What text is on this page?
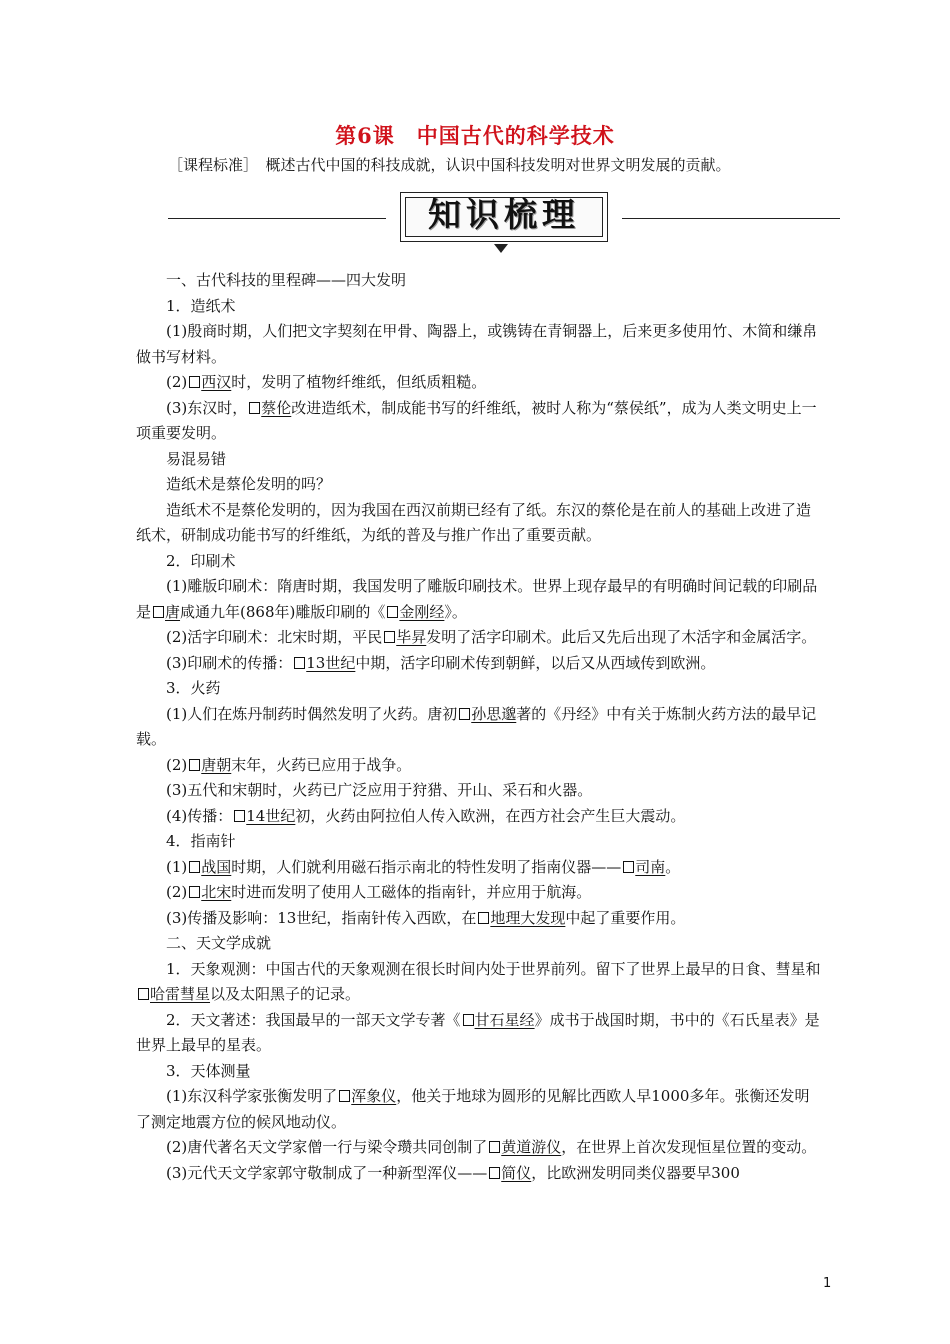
第6课　中国古代的科学技术
［课程标准］　概述古代中国的科技成就，认识中国科技发明对世界文明发展的贡献。
知识梳理

一、古代科技的里程碑——四大发明

1．造纸术

(1)殷商时期，人们把文字契刻在甲骨、陶器上，或镌铸在青铜器上，后来更多使用竹、木简和缣帛做书写材料。

(2) 西汉时，发明了植物纤维纸，但纸质粗糙。

(3)东汉时， 蔡伦改进造纸术，制成能书写的纤维纸，被时人称为“蔡侯纸”，成为人类文明史上一项重要发明。

易混易错

造纸术是蔡伦发明的吗？

造纸术不是蔡伦发明的，因为我国在西汉前期已经有了纸。东汉的蔡伦是在前人的基础上改进了造纸术，研制成功能书写的纤维纸，为纸的普及与推广作出了重要贡献。

2．印刷术

(1)雕版印刷术：隋唐时期，我国发明了雕版印刷技术。世界上现存最早的有明确时间记载的印刷品是 唐咸通九年(868年)雕版印刷的《 金刚经》。

(2)活字印刷术：北宋时期，平民 毕昇发明了活字印刷术。此后又先后出现了木活字和金属活字。

(3)印刷术的传播： 13世纪中期，活字印刷术传到朝鲜，以后又从西域传到欧洲。

3．火药

(1)人们在炼丹制药时偶然发明了火药。唐初 孙思邈著的《丹经》中有关于炼制火药方法的最早记载。

(2) 唐朝末年，火药已应用于战争。

(3)五代和宋朝时，火药已广泛应用于狩猎、开山、采石和火器。

(4)传播： 14世纪初，火药由阿拉伯人传入欧洲，在西方社会产生巨大震动。

4．指南针

(1) 战国时期，人们就利用磁石指示南北的特性发明了指南仪器—— 司南。

(2) 北宋时进而发明了使用人工磁体的指南针，并应用于航海。

(3)传播及影响：13世纪，指南针传入西欧，在 地理大发现中起了重要作用。

二、天文学成就

1．天象观测：中国古代的天象观测在很长时间内处于世界前列。留下了世界上最早的日食、彗星和哈雷彗星以及太阳黑子的记录。

2．天文著述：我国最早的一部天文学专著《 甘石星经》成书于战国时期，书中的《石氏星表》是世界上最早的星表。

3．天体测量

(1)东汉科学家张衡发明了 浑象仪，他关于地球为圆形的见解比西欧人早1000多年。张衡还发明了测定地震方位的候风地动仪。

(2)唐代著名天文学家僧一行与梁令瓒共同创制了 黄道游仪，在世界上首次发现恒星位置的变动。

(3)元代天文学家郭守敬制成了一种新型浑仪—— 简仪，比欧洲发明同类仪器要早300

1
